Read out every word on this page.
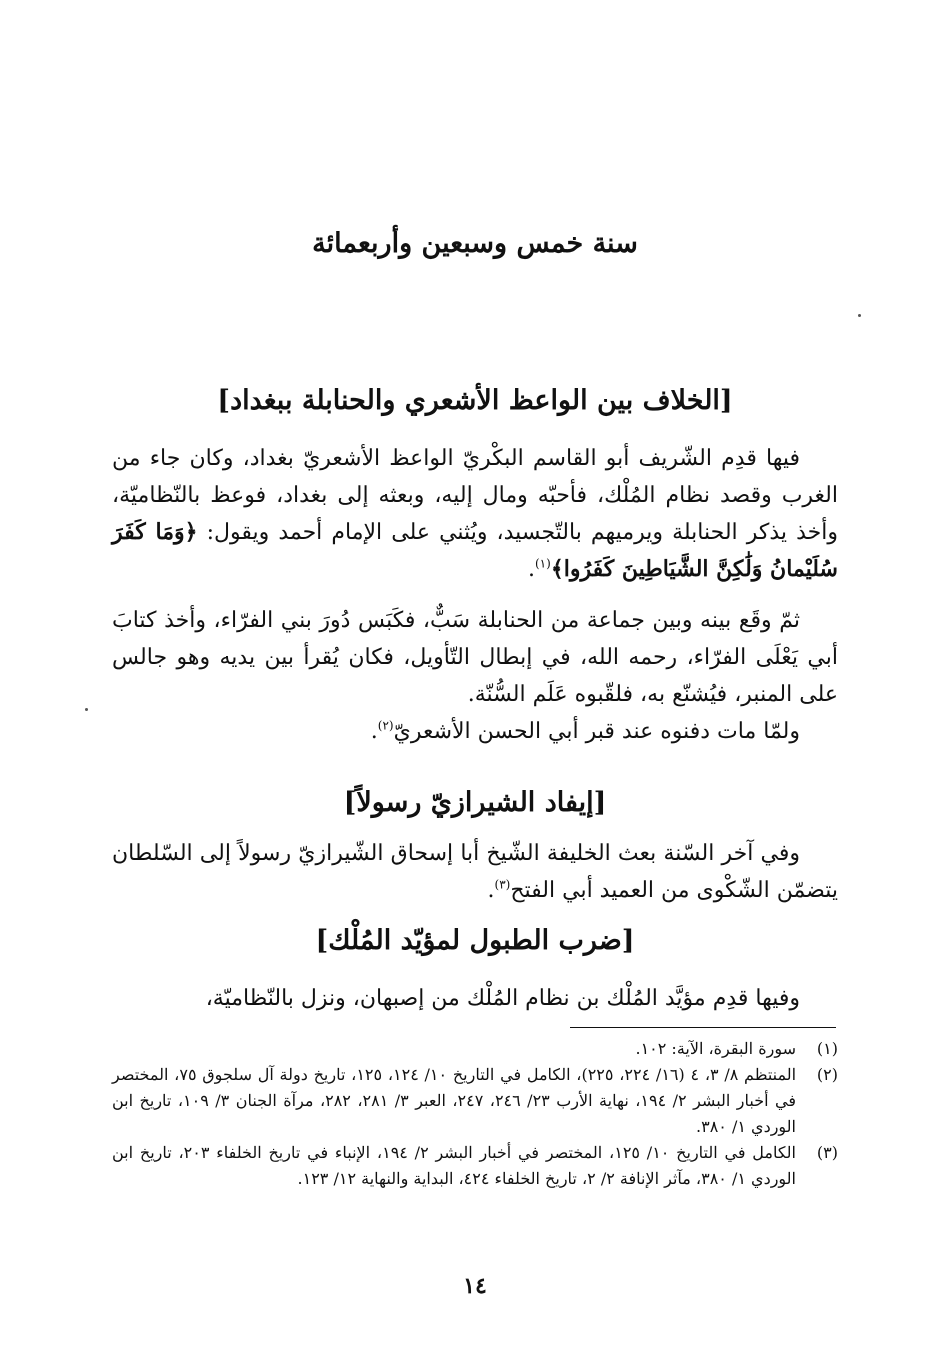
سنة خمس وسبعين وأربعمائة
[الخلاف بين الواعظ الأشعري والحنابلة ببغداد]

فيها قدِم الشّريف أبو القاسم البكْريّ الواعظ الأشعريّ بغداد، وكان جاء من الغرب وقصد نظام المُلْك، فأحبّه ومال إليه، وبعثه إلى بغداد، فوعظ بالنّظاميّة، وأخذ يذكر الحنابلة ويرميهم بالتّجسيد، ويُثني على الإمام أحمد ويقول: ﴿وَمَا كَفَرَ سُلَيْمانُ وَلَٰكِنَّ الشَّيَاطِينَ كَفَرُوا﴾$^{(١)}$.

ثمّ وقَع بينه وبين جماعة من الحنابلة سَبٌّ، فكَبَس دُورَ بني الفرّاء، وأخذ كتابَ أبي يَعْلَى الفرّاء، رحمه الله، في إبطال التّأويل، فكان يُقرأ بين يديه وهو جالس على المنبر، فيُشنّع به، فلقّبوه عَلَم السُّنّة.

ولمّا مات دفنوه عند قبر أبي الحسن الأشعريّ$^{(٢)}$.

[إيفاد الشيرازيّ رسولاً]

وفي آخر السّنة بعث الخليفة الشّيخ أبا إسحاق الشّيرازيّ رسولاً إلى السّلطان يتضمّن الشّكْوى من العميد أبي الفتح$^{(٣)}$.

[ضرب الطبول لمؤيّد المُلْك]

وفيها قدِم مؤيَّد المُلْك بن نظام المُلْك من إصبهان، ونزل بالنّظاميّة،

(١)
سورة البقرة، الآية: ١٠٢.
(٢)
المنتظم ٨/ ٣، ٤ (١٦/ ٢٢٤، ٢٢٥)، الكامل في التاريخ ١٠/ ١٢٤، ١٢٥، تاريخ دولة آل سلجوق ٧٥، المختصر في أخبار البشر ٢/ ١٩٤، نهاية الأرب ٢٣/ ٢٤٦، ٢٤٧، العبر ٣/ ٢٨١، ٢٨٢، مرآة الجنان ٣/ ١٠٩، تاريخ ابن الوردي ١/ ٣٨٠.
(٣)
الكامل في التاريخ ١٠/ ١٢٥، المختصر في أخبار البشر ٢/ ١٩٤، الإنباء في تاريخ الخلفاء ٢٠٣، تاريخ ابن الوردي ١/ ٣٨٠، مآثر الإنافة ٢/ ٢، تاريخ الخلفاء ٤٢٤، البداية والنهاية ١٢/ ١٢٣.
١٤
